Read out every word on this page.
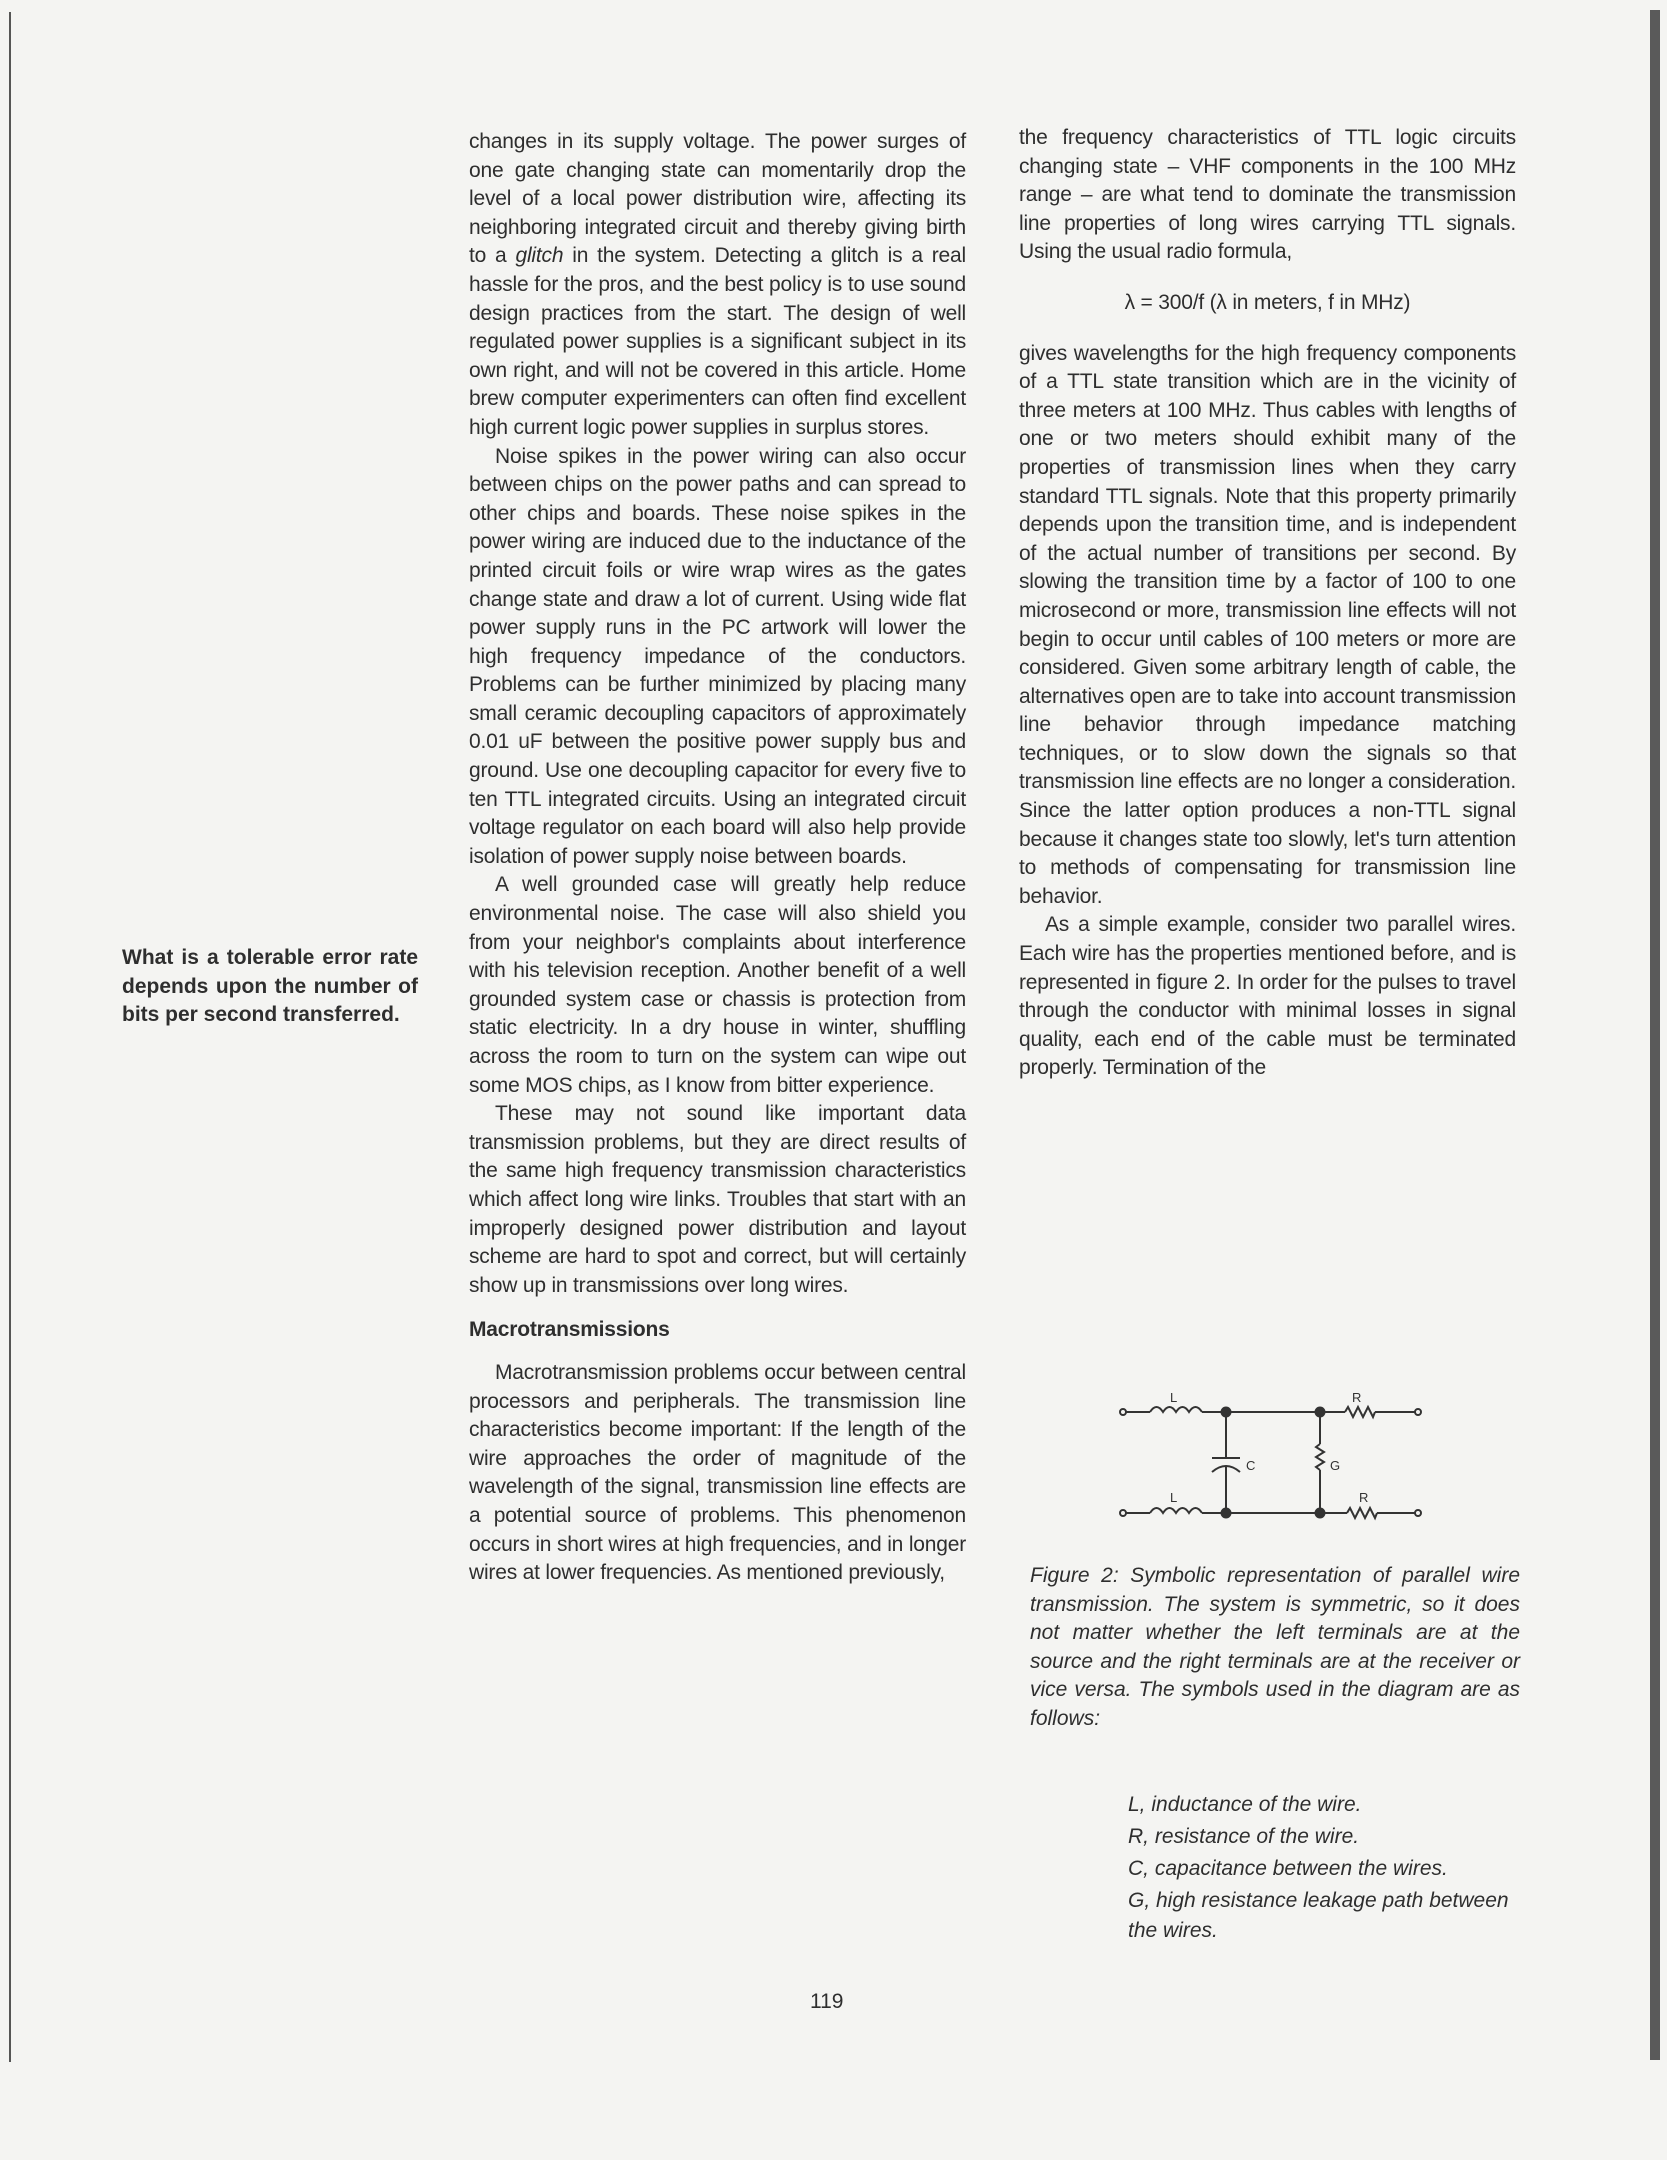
What is a tolerable error rate depends upon the number of bits per second transferred.

changes in its supply voltage. The power surges of one gate changing state can momentarily drop the level of a local power distribution wire, affecting its neighboring integrated circuit and thereby giving birth to a glitch in the system. Detecting a glitch is a real hassle for the pros, and the best policy is to use sound design practices from the start. The design of well regulated power supplies is a significant subject in its own right, and will not be covered in this article. Home brew computer experimenters can often find excellent high current logic power supplies in surplus stores.

Noise spikes in the power wiring can also occur between chips on the power paths and can spread to other chips and boards. These noise spikes in the power wiring are induced due to the inductance of the printed circuit foils or wire wrap wires as the gates change state and draw a lot of current. Using wide flat power supply runs in the PC artwork will lower the high frequency impedance of the conductors. Problems can be further minimized by placing many small ceramic decoupling capacitors of approximately 0.01 uF between the positive power supply bus and ground. Use one decoupling capacitor for every five to ten TTL integrated circuits. Using an integrated circuit voltage regulator on each board will also help provide isolation of power supply noise between boards.

A well grounded case will greatly help reduce environmental noise. The case will also shield you from your neighbor's complaints about interference with his television reception. Another benefit of a well grounded system case or chassis is protection from static electricity. In a dry house in winter, shuffling across the room to turn on the system can wipe out some MOS chips, as I know from bitter experience.

These may not sound like important data transmission problems, but they are direct results of the same high frequency transmission characteristics which affect long wire links. Troubles that start with an improperly designed power distribution and layout scheme are hard to spot and correct, but will certainly show up in transmissions over long wires.

Macrotransmissions

Macrotransmission problems occur between central processors and peripherals. The transmission line characteristics become important: If the length of the wire approaches the order of magnitude of the wavelength of the signal, transmission line effects are a potential source of problems. This phenomenon occurs in short wires at high frequencies, and in longer wires at lower frequencies. As mentioned previously,

the frequency characteristics of TTL logic circuits changing state – VHF components in the 100 MHz range – are what tend to dominate the transmission line properties of long wires carrying TTL signals. Using the usual radio formula,

λ = 300/f (λ in meters, f in MHz)

gives wavelengths for the high frequency components of a TTL state transition which are in the vicinity of three meters at 100 MHz. Thus cables with lengths of one or two meters should exhibit many of the properties of transmission lines when they carry standard TTL signals. Note that this property primarily depends upon the transition time, and is independent of the actual number of transitions per second. By slowing the transition time by a factor of 100 to one microsecond or more, transmission line effects will not begin to occur until cables of 100 meters or more are considered. Given some arbitrary length of cable, the alternatives open are to take into account transmission line behavior through impedance matching techniques, or to slow down the signals so that transmission line effects are no longer a consideration. Since the latter option produces a non-TTL signal because it changes state too slowly, let's turn attention to methods of compensating for transmission line behavior.

As a simple example, consider two parallel wires. Each wire has the properties mentioned before, and is represented in figure 2. In order for the pulses to travel through the conductor with minimal losses in signal quality, each end of the cable must be terminated properly. Termination of the

L	R
C	G
L	R
Figure 2: Symbolic representation of parallel wire transmission. The system is symmetric, so it does not matter whether the left terminals are at the source and the right terminals are at the receiver or vice versa. The symbols used in the diagram are as follows:
L, inductance of the wire.
R, resistance of the wire.
C, capacitance between the wires.
G, high resistance leakage path between the wires.
119
